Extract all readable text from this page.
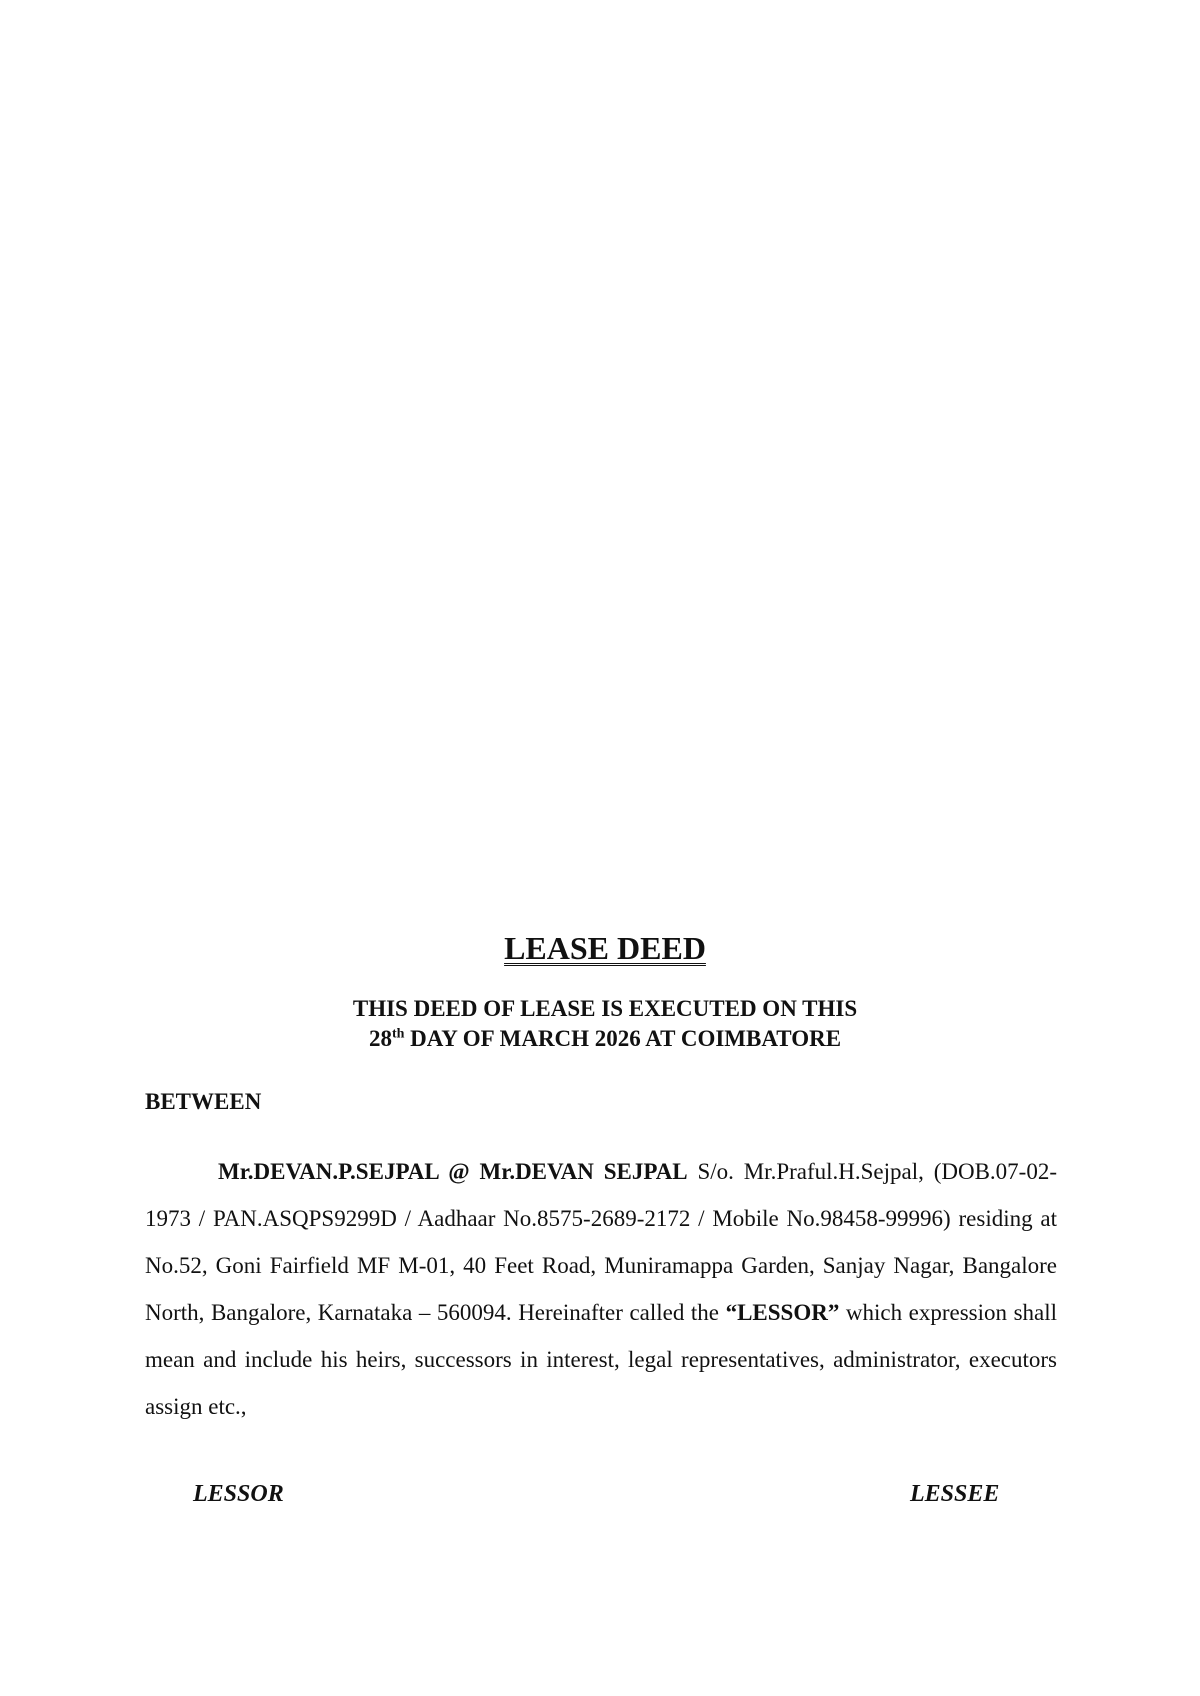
LEASE DEED
THIS DEED OF LEASE IS EXECUTED ON THIS
28th DAY OF MARCH 2026 AT COIMBATORE
BETWEEN
Mr.DEVAN.P.SEJPAL @ Mr.DEVAN SEJPAL S/o. Mr.Praful.H.Sejpal, (DOB.07-02-1973 / PAN.ASQPS9299D / Aadhaar No.8575-2689-2172 / Mobile No.98458-99996) residing at No.52, Goni Fairfield MF M-01, 40 Feet Road, Muniramappa Garden, Sanjay Nagar, Bangalore North, Bangalore, Karnataka – 560094. Hereinafter called the “LESSOR” which expression shall mean and include his heirs, successors in interest, legal representatives, administrator, executors assign etc.,
LESSOR	LESSEE
